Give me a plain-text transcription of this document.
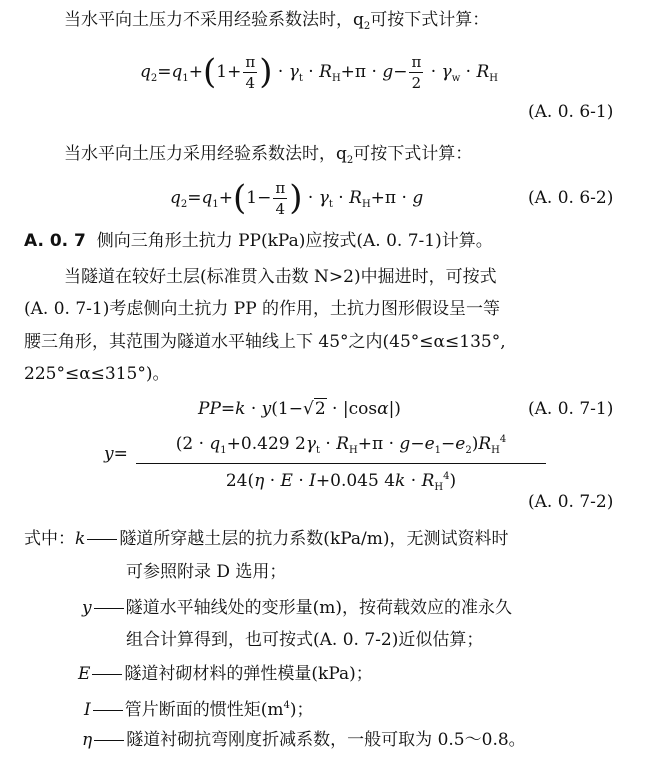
当水平向土压力不采用经验系数法时，$q_2$可按下式计算：
$q_2=q_1+(1+ \frac{\pi}{4}$ ) · $\gamma_t \cdot R_H+\pi \cdot g- \frac{\pi}{2} \cdot \gamma_w \cdot R_H$
(A. 0. 6-1)
当水平向土压力采用经验系数法时，$q_2$可按下式计算：
$q_2=q_1+(1- \frac{\pi}{4}$ ) · $\gamma_t \cdot R_H+\pi \cdot g$	(A. 0. 6-2)
A. 0. 7 侧向三角形土抗力 PP(kPa)应按式(A. 0. 7-1)计算。
当隧道在较好土层(标准贯入击数 N>2)中掘进时，可按式
(A. 0. 7-1)考虑侧向土抗力 PP 的作用，土抗力图形假设呈一等
腰三角形，其范围为隧道水平轴线上下 45°之内(45°≤α≤135°,
225°≤α≤315°)。
PP=k · y(1−√2 · |cosα|)	(A. 0. 7-1)
$y= \frac{(2 \cdot q_1+0.429 2\gamma_t \cdot R_H+\pi \cdot g-e_1-e_2)R_H^4}{24(\eta \cdot E \cdot I+0.045 4k \cdot R_H^4)}$
(A. 0. 7-2)
式中：k 隧道所穿越土层的抗力系数(kPa/m)，无测试资料时
可参照附录 D 选用；
y 隧道水平轴线处的变形量(m)，按荷载效应的准永久
组合计算得到，也可按式(A. 0. 7-2)近似估算；
E 隧道衬砌材料的弹性模量(kPa)；
I 管片断面的惯性矩$(m^4)$；
η 隧道衬砌抗弯刚度折减系数，一般可取为 0.5～0.8。
